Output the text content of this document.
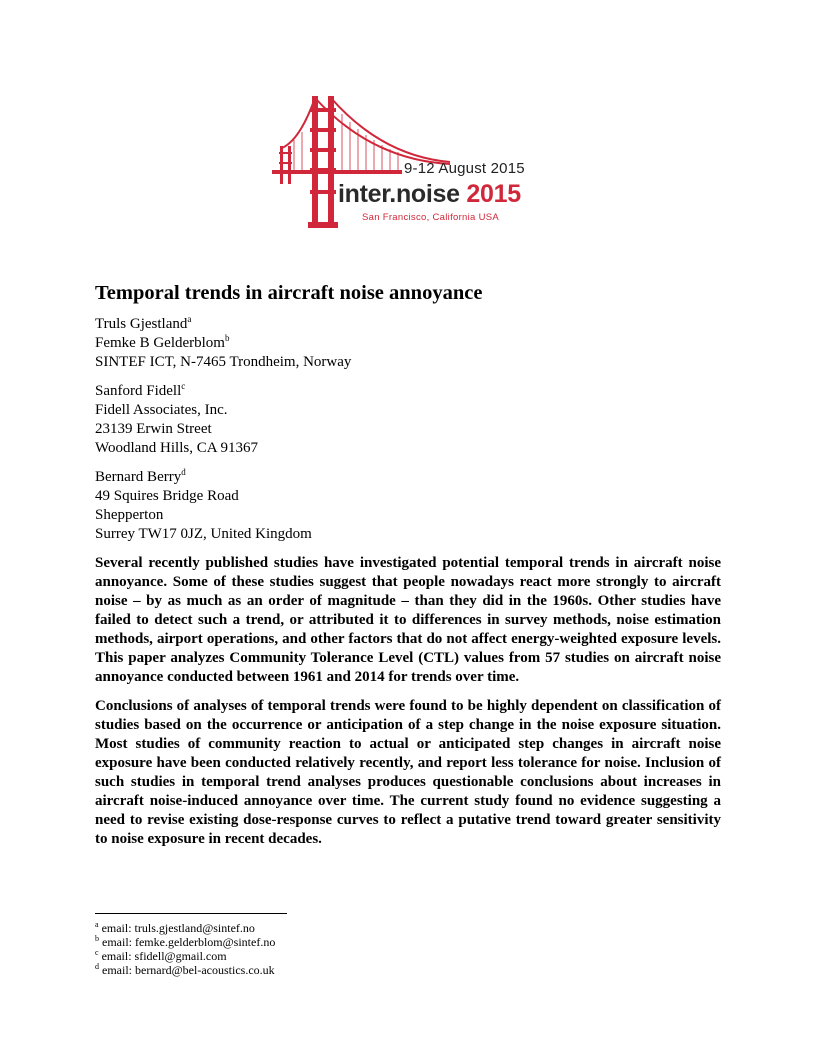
9-12 August 2015
inter.noise 2015
San Francisco, California USA
Temporal trends in aircraft noise annoyance
Truls Gjestland$^a$
Femke B Gelderblom$^b$
SINTEF ICT, N-7465 Trondheim, Norway
Sanford Fidell$^c$
Fidell Associates, Inc.
23139 Erwin Street
Woodland Hills, CA 91367
Bernard Berry$^d$
49 Squires Bridge Road
Shepperton
Surrey TW17 0JZ, United Kingdom

Several recently published studies have investigated potential temporal trends in aircraft noise annoyance. Some of these studies suggest that people nowadays react more strongly to aircraft noise – by as much as an order of magnitude – than they did in the 1960s. Other studies have failed to detect such a trend, or attributed it to differences in survey methods, noise estimation methods, airport operations, and other factors that do not affect energy-weighted exposure levels. This paper analyzes Community Tolerance Level (CTL) values from 57 studies on aircraft noise annoyance conducted between 1961 and 2014 for trends over time.

Conclusions of analyses of temporal trends were found to be highly dependent on classification of studies based on the occurrence or anticipation of a step change in the noise exposure situation. Most studies of community reaction to actual or anticipated step changes in aircraft noise exposure have been conducted relatively recently, and report less tolerance for noise. Inclusion of such studies in temporal trend analyses produces questionable conclusions about increases in aircraft noise-induced annoyance over time. The current study found no evidence suggesting a need to revise existing dose-response curves to reflect a putative trend toward greater sensitivity to noise exposure in recent decades.

$^a$ email: truls.gjestland@sintef.no
$^b$ email: femke.gelderblom@sintef.no
$^c$ email: sfidell@gmail.com
$^d$ email: bernard@bel-acoustics.co.uk
